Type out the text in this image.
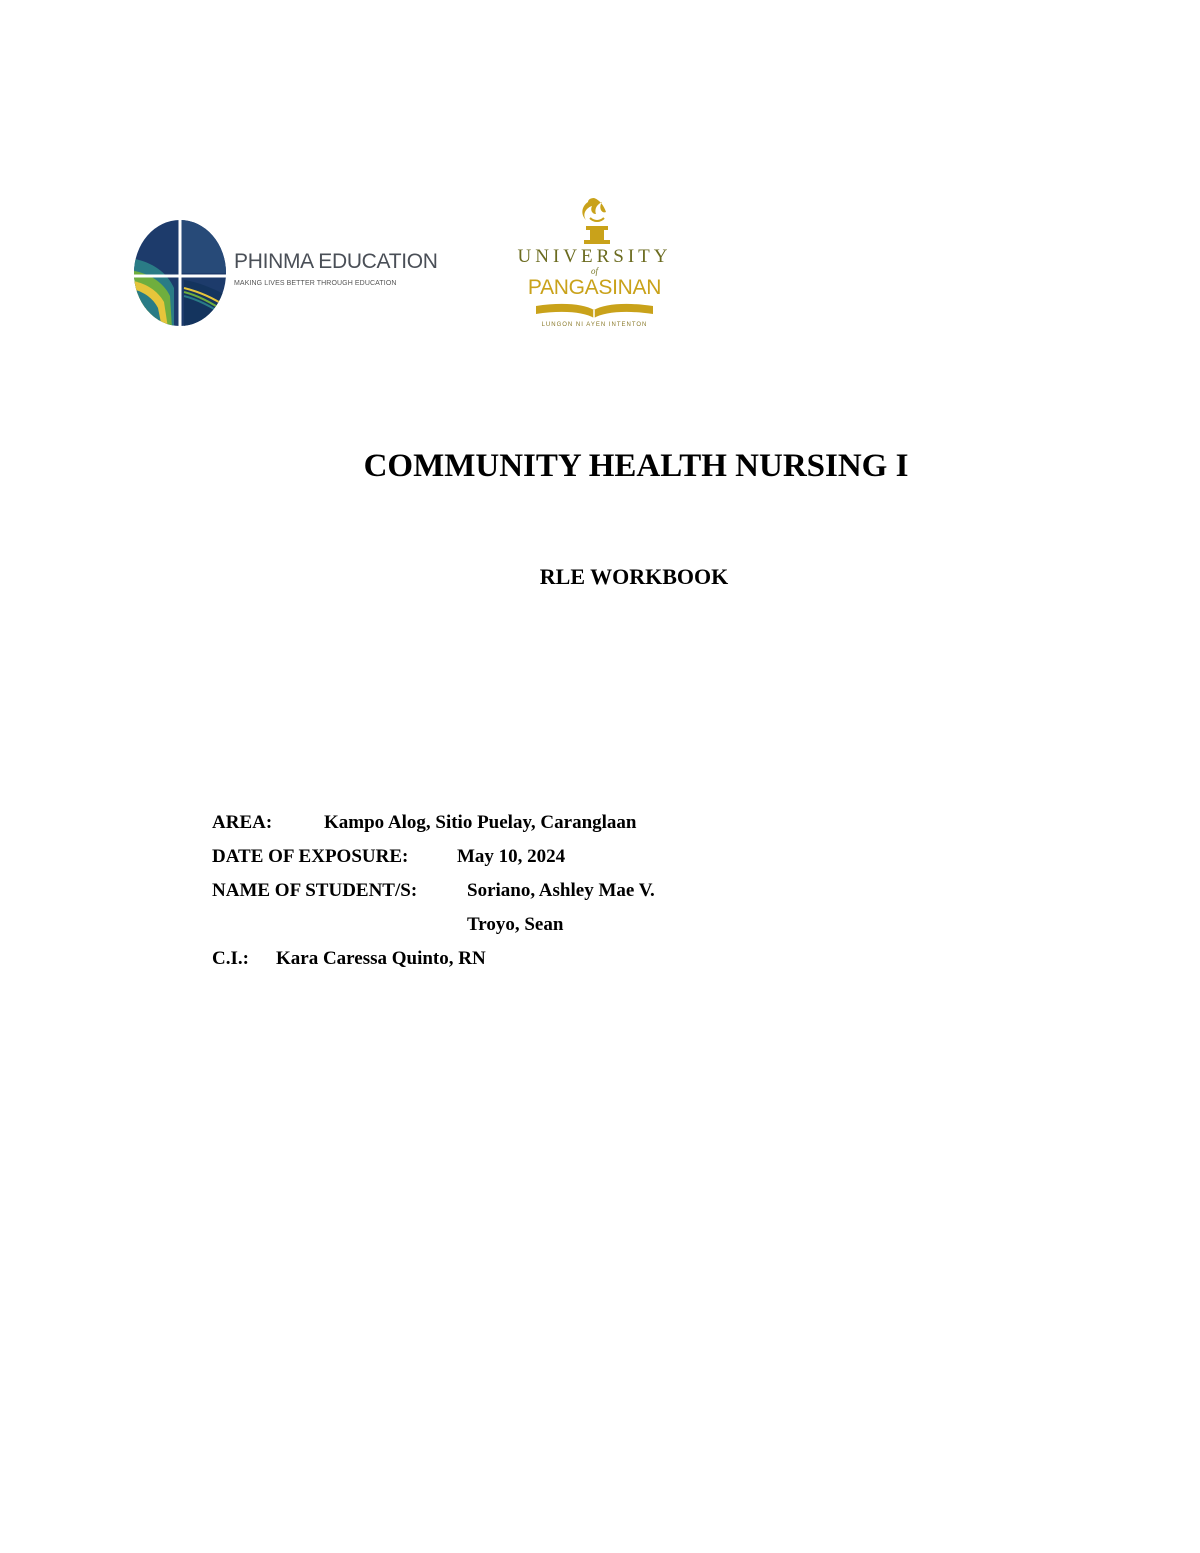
PHINMA EDUCATION
MAKING LIVES BETTER THROUGH EDUCATION
UNIVERSITY
of
PANGASINAN
LUNGON NI AYEN INTENTON
COMMUNITY HEALTH NURSING I
RLE WORKBOOK
AREA:	Kampo Alog, Sitio Puelay, Caranglaan
DATE OF EXPOSURE:	May 10, 2024
NAME OF STUDENT/S:	Soriano, Ashley Mae V.
Troyo, Sean
C.I.: Kara Caressa Quinto, RN
